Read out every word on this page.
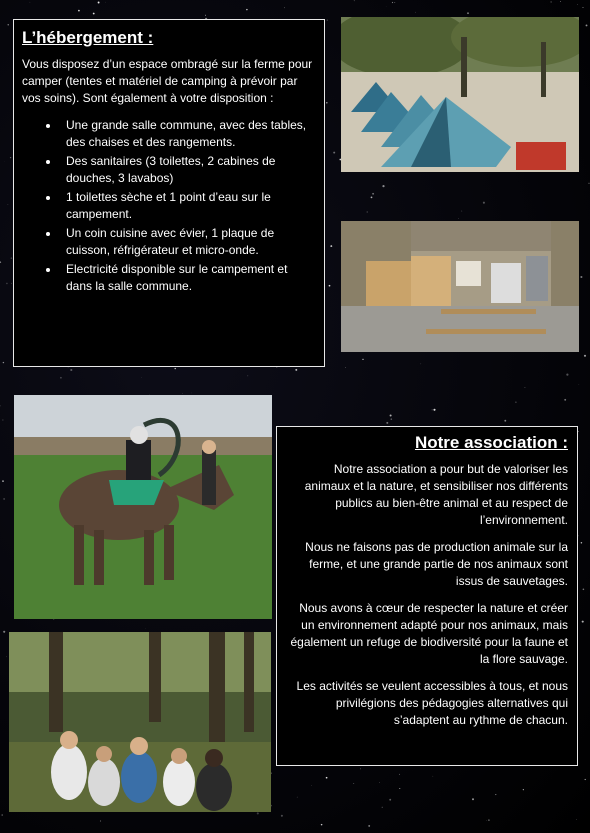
L’hébergement :

Vous disposez d’un espace ombragé sur la ferme pour camper (tentes et matériel de camping à prévoir par vos soins). Sont également à votre disposition :

• Une grande salle commune, avec des tables, des chaises et des rangements.
• Des sanitaires (3 toilettes, 2 cabines de douches, 3 lavabos)
• 1 toilettes sèche et 1 point d’eau sur le campement.
• Un coin cuisine avec évier, 1 plaque de cuisson, réfrigérateur et micro-onde.
• Electricité disponible sur le campement et dans la salle commune.
Notre association :

Notre association a pour but de valoriser les animaux et la nature, et sensibiliser nos différents publics au bien-être animal et au respect de l’environnement.

Nous ne faisons pas de production animale sur la ferme, et une grande partie de nos animaux sont issus de sauvetages.

Nous avons à cœur de respecter la nature et créer un environnement adapté pour nos animaux, mais également un refuge de biodiversité pour la faune et la flore sauvage.

Les activités se veulent accessibles à tous, et nous privilégions des pédagogies alternatives qui s’adaptent au rythme de chacun.
